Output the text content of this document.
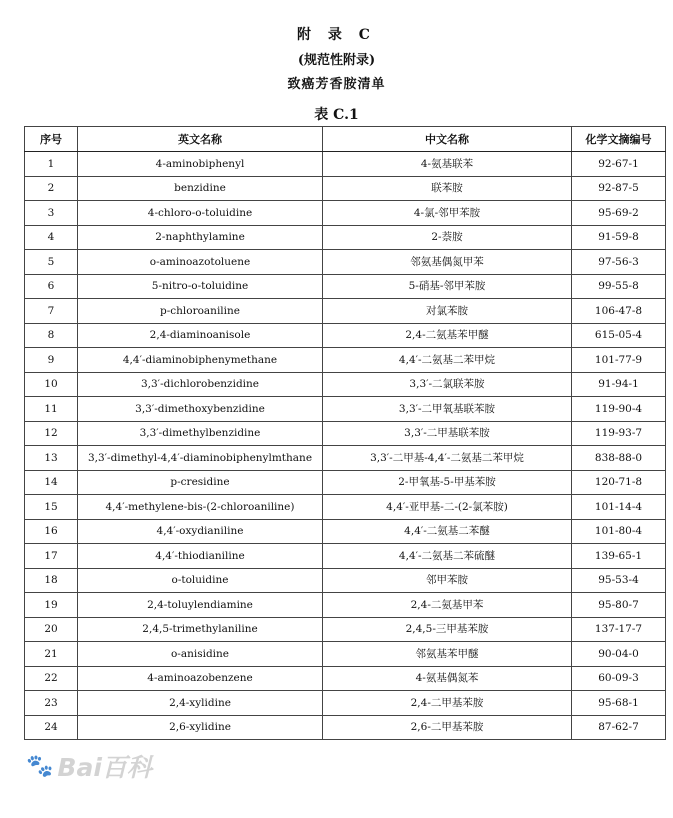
附 录 C
(规范性附录)
致癌芳香胺清单
表 C.1
序号	英文名称	中文名称	化学文摘编号
1	4-aminobiphenyl	4-氨基联苯	92-67-1
2	benzidine	联苯胺	92-87-5
3	4-chloro-o-toluidine	4-氯-邻甲苯胺	95-69-2
4	2-naphthylamine	2-萘胺	91-59-8
5	o-aminoazotoluene	邻氨基偶氮甲苯	97-56-3
6	5-nitro-o-toluidine	5-硝基-邻甲苯胺	99-55-8
7	p-chloroaniline	对氯苯胺	106-47-8
8	2,4-diaminoanisole	2,4-二氨基苯甲醚	615-05-4
9	4,4′-diaminobiphenymethane	4,4′-二氨基二苯甲烷	101-77-9
10	3,3′-dichlorobenzidine	3,3′-二氯联苯胺	91-94-1
11	3,3′-dimethoxybenzidine	3,3′-二甲氧基联苯胺	119-90-4
12	3,3′-dimethylbenzidine	3,3′-二甲基联苯胺	119-93-7
13	3,3′-dimethyl-4,4′-diaminobiphenylmthane	3,3′-二甲基-4,4′-二氨基二苯甲烷	838-88-0
14	p-cresidine	2-甲氧基-5-甲基苯胺	120-71-8
15	4,4′-methylene-bis-(2-chloroaniline)	4,4′-亚甲基-二-(2-氯苯胺)	101-14-4
16	4,4′-oxydianiline	4,4′-二氨基二苯醚	101-80-4
17	4,4′-thiodianiline	4,4′-二氨基二苯硫醚	139-65-1
18	o-toluidine	邻甲苯胺	95-53-4
19	2,4-toluylendiamine	2,4-二氨基甲苯	95-80-7
20	2,4,5-trimethylaniline	2,4,5-三甲基苯胺	137-17-7
21	o-anisidine	邻氨基苯甲醚	90-04-0
22	4-aminoazobenzene	4-氨基偶氮苯	60-09-3
23	2,4-xylidine	2,4-二甲基苯胺	95-68-1
24	2,6-xylidine	2,6-二甲基苯胺	87-62-7
🐾 Bai百科
